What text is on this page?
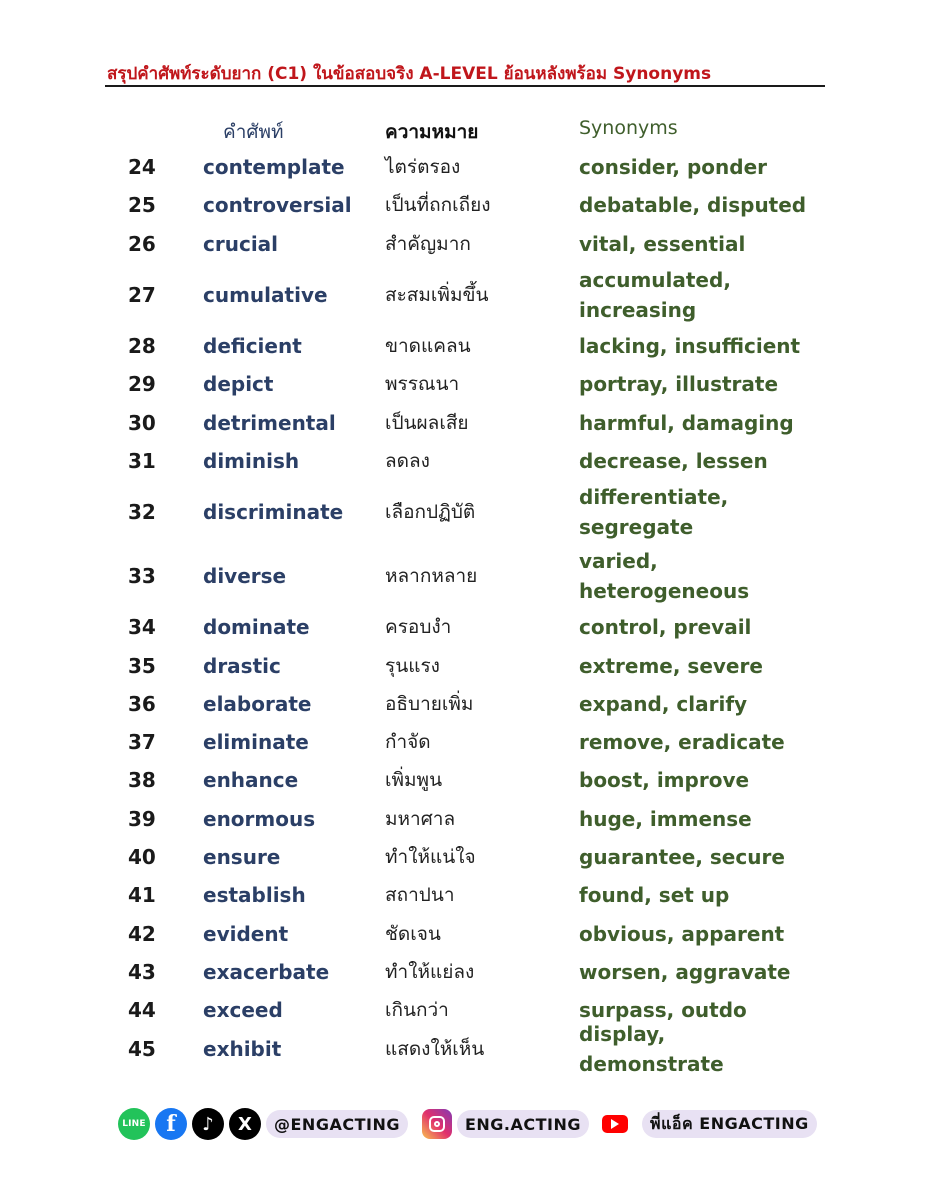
สรุปคำศัพท์ระดับยาก (C1) ในข้อสอบจริง A-LEVEL ย้อนหลังพร้อม Synonyms
คำศัพท์	ความหมาย	Synonyms
24 contemplate ไตร่ตรอง	consider, ponder
25 controversial เป็นที่ถกเถียง	debatable, disputed
26 crucial	สำคัญมาก	vital, essential
27 cumulative	สะสมเพิ่มขึ้น
accumulated, increasing
28 deficient	ขาดแคลน	lacking, insufficient
29 depict	พรรณนา	portray, illustrate
30 detrimental	เป็นผลเสีย	harmful, damaging
31 diminish	ลดลง	decrease, lessen
32 discriminate เลือกปฏิบัติ
differentiate, segregate
33 diverse	หลากหลาย
varied, heterogeneous
34 dominate	ครอบงำ	control, prevail
35 drastic	รุนแรง	extreme, severe
36 elaborate	อธิบายเพิ่ม	expand, clarify
37 eliminate	กำจัด	remove, eradicate
38 enhance	เพิ่มพูน	boost, improve
39 enormous	มหาศาล	huge, immense
40 ensure	ทำให้แน่ใจ	guarantee, secure
41 establish	สถาปนา	found, set up
42 evident	ชัดเจน	obvious, apparent
43 exacerbate	ทำให้แย่ลง	worsen, aggravate
44 exceed	เกินกว่า	surpass, outdo
45 exhibit	แสดงให้เห็น
display, demonstrate
LINE f	♪	X	@ENGACTING	ENG.ACTING	พี่แอ็ค ENGACTING
